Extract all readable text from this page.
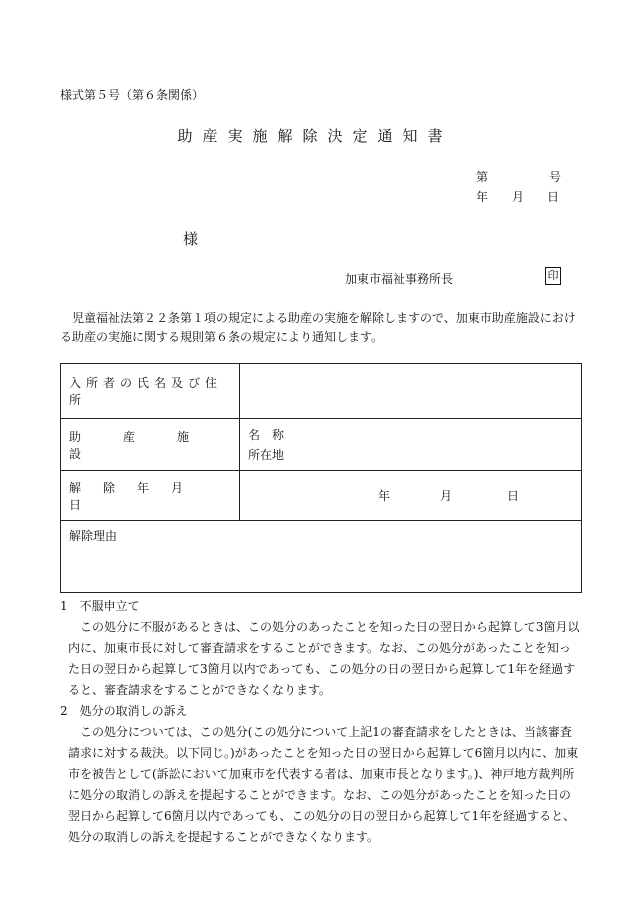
様式第５号（第６条関係）
助産実施解除決定通知書
第	号
年 月 日
様
加東市福祉事務所長	印
児童福祉法第２２条第１項の規定による助産の実施を解除しますので、加東市助産施設における助産の実施に関する規則第６条の規定により通知します。
入所者の氏名及び住所	

助産施設	名　称
所在地

解除年月日	年 月 日
解除理由	
1　不服申立て
この処分に不服があるときは、この処分のあったことを知った日の翌日から起算して3箇月以内に、加東市長に対して審査請求をすることができます。なお、この処分があったことを知った日の翌日から起算して3箇月以内であっても、この処分の日の翌日から起算して1年を経過すると、審査請求をすることができなくなります。
2　処分の取消しの訴え
この処分については、この処分(この処分について上記1の審査請求をしたときは、当該審査請求に対する裁決。以下同じ。)があったことを知った日の翌日から起算して6箇月以内に、加東市を被告として(訴訟において加東市を代表する者は、加東市長となります。)、神戸地方裁判所に処分の取消しの訴えを提起することができます。なお、この処分があったことを知った日の翌日から起算して6箇月以内であっても、この処分の日の翌日から起算して1年を経過すると、処分の取消しの訴えを提起することができなくなります。
